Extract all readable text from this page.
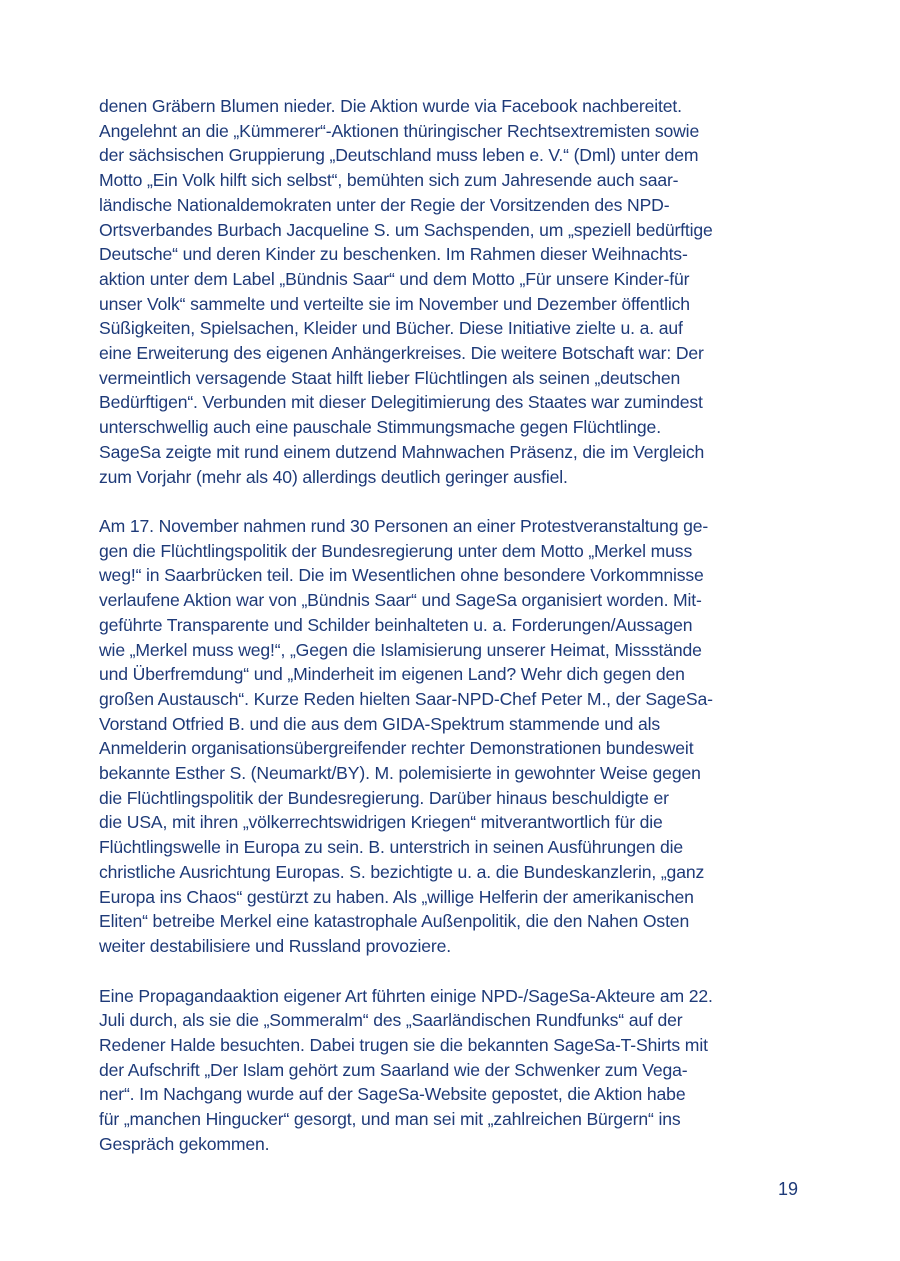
denen Gräbern Blumen nieder. Die Aktion wurde via Facebook nachbereitet.
Angelehnt an die „Kümmerer“-Aktionen thüringischer Rechtsextremisten sowie
der sächsischen Gruppierung „Deutschland muss leben e. V.“ (Dml) unter dem
Motto „Ein Volk hilft sich selbst“, bemühten sich zum Jahresende auch saar-
ländische Nationaldemokraten unter der Regie der Vorsitzenden des NPD-
Ortsverbandes Burbach Jacqueline S. um Sachspenden, um „speziell bedürftige
Deutsche“ und deren Kinder zu beschenken. Im Rahmen dieser Weihnachts-
aktion unter dem Label „Bündnis Saar“ und dem Motto „Für unsere Kinder-für
unser Volk“ sammelte und verteilte sie im November und Dezember öffentlich
Süßigkeiten, Spielsachen, Kleider und Bücher. Diese Initiative zielte u. a. auf
eine Erweiterung des eigenen Anhängerkreises. Die weitere Botschaft war: Der
vermeintlich versagende Staat hilft lieber Flüchtlingen als seinen „deutschen
Bedürftigen“. Verbunden mit dieser Delegitimierung des Staates war zumindest
unterschwellig auch eine pauschale Stimmungsmache gegen Flüchtlinge.
SageSa zeigte mit rund einem dutzend Mahnwachen Präsenz, die im Vergleich
zum Vorjahr (mehr als 40) allerdings deutlich geringer ausfiel.

Am 17. November nahmen rund 30 Personen an einer Protestveranstaltung ge-
gen die Flüchtlingspolitik der Bundesregierung unter dem Motto „Merkel muss
weg!“ in Saarbrücken teil. Die im Wesentlichen ohne besondere Vorkommnisse
verlaufene Aktion war von „Bündnis Saar“ und SageSa organisiert worden. Mit-
geführte Transparente und Schilder beinhalteten u. a. Forderungen/Aussagen
wie „Merkel muss weg!“, „Gegen die Islamisierung unserer Heimat, Missstände
und Überfremdung“ und „Minderheit im eigenen Land? Wehr dich gegen den
großen Austausch“. Kurze Reden hielten Saar-NPD-Chef Peter M., der SageSa-
Vorstand Otfried B. und die aus dem GIDA-Spektrum stammende und als
Anmelderin organisationsübergreifender rechter Demonstrationen bundesweit
bekannte Esther S. (Neumarkt/BY). M. polemisierte in gewohnter Weise gegen
die Flüchtlingspolitik der Bundesregierung. Darüber hinaus beschuldigte er
die USA, mit ihren „völkerrechtswidrigen Kriegen“ mitverantwortlich für die
Flüchtlingswelle in Europa zu sein. B. unterstrich in seinen Ausführungen die
christliche Ausrichtung Europas. S. bezichtigte u. a. die Bundeskanzlerin, „ganz
Europa ins Chaos“ gestürzt zu haben. Als „willige Helferin der amerikanischen
Eliten“ betreibe Merkel eine katastrophale Außenpolitik, die den Nahen Osten
weiter destabilisiere und Russland provoziere.

Eine Propagandaaktion eigener Art führten einige NPD-/SageSa-Akteure am 22.
Juli durch, als sie die „Sommeralm“ des „Saarländischen Rundfunks“ auf der
Redener Halde besuchten. Dabei trugen sie die bekannten SageSa-T-Shirts mit
der Aufschrift „Der Islam gehört zum Saarland wie der Schwenker zum Vega-
ner“. Im Nachgang wurde auf der SageSa-Website gepostet, die Aktion habe
für „manchen Hingucker“ gesorgt, und man sei mit „zahlreichen Bürgern“ ins
Gespräch gekommen.

19
